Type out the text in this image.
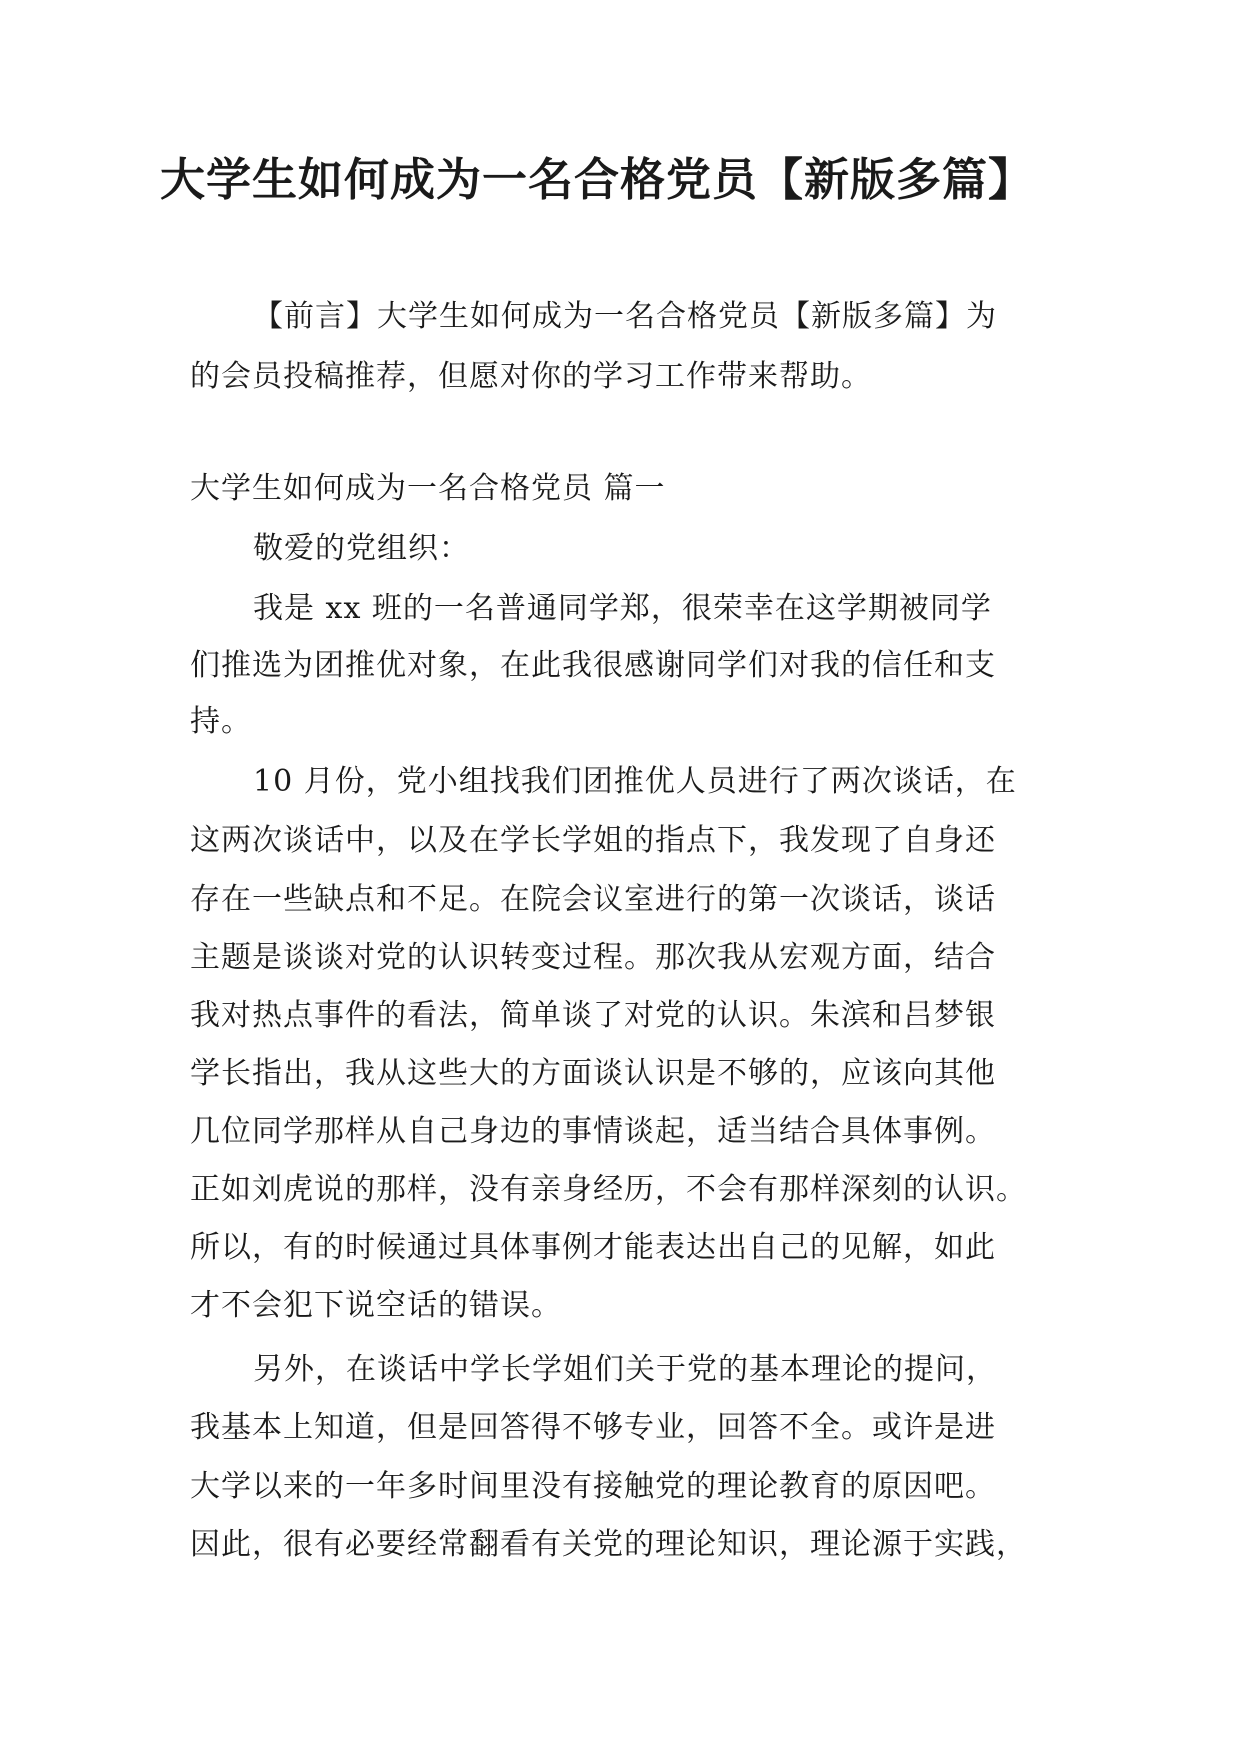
大学生如何成为一名合格党员【新版多篇】
【前言】大学生如何成为一名合格党员【新版多篇】为
的会员投稿推荐，但愿对你的学习工作带来帮助。
大学生如何成为一名合格党员 篇一
敬爱的党组织：
我是 xx 班的一名普通同学郑，很荣幸在这学期被同学
们推选为团推优对象，在此我很感谢同学们对我的信任和支
持。
10 月份，党小组找我们团推优人员进行了两次谈话，在
这两次谈话中，以及在学长学姐的指点下，我发现了自身还
存在一些缺点和不足。在院会议室进行的第一次谈话，谈话
主题是谈谈对党的认识转变过程。那次我从宏观方面，结合
我对热点事件的看法，简单谈了对党的认识。朱滨和吕梦银
学长指出，我从这些大的方面谈认识是不够的，应该向其他
几位同学那样从自己身边的事情谈起，适当结合具体事例。
正如刘虎说的那样，没有亲身经历，不会有那样深刻的认识。
所以，有的时候通过具体事例才能表达出自己的见解，如此
才不会犯下说空话的错误。
另外，在谈话中学长学姐们关于党的基本理论的提问，
我基本上知道，但是回答得不够专业，回答不全。或许是进
大学以来的一年多时间里没有接触党的理论教育的原因吧。
因此，很有必要经常翻看有关党的理论知识，理论源于实践，
